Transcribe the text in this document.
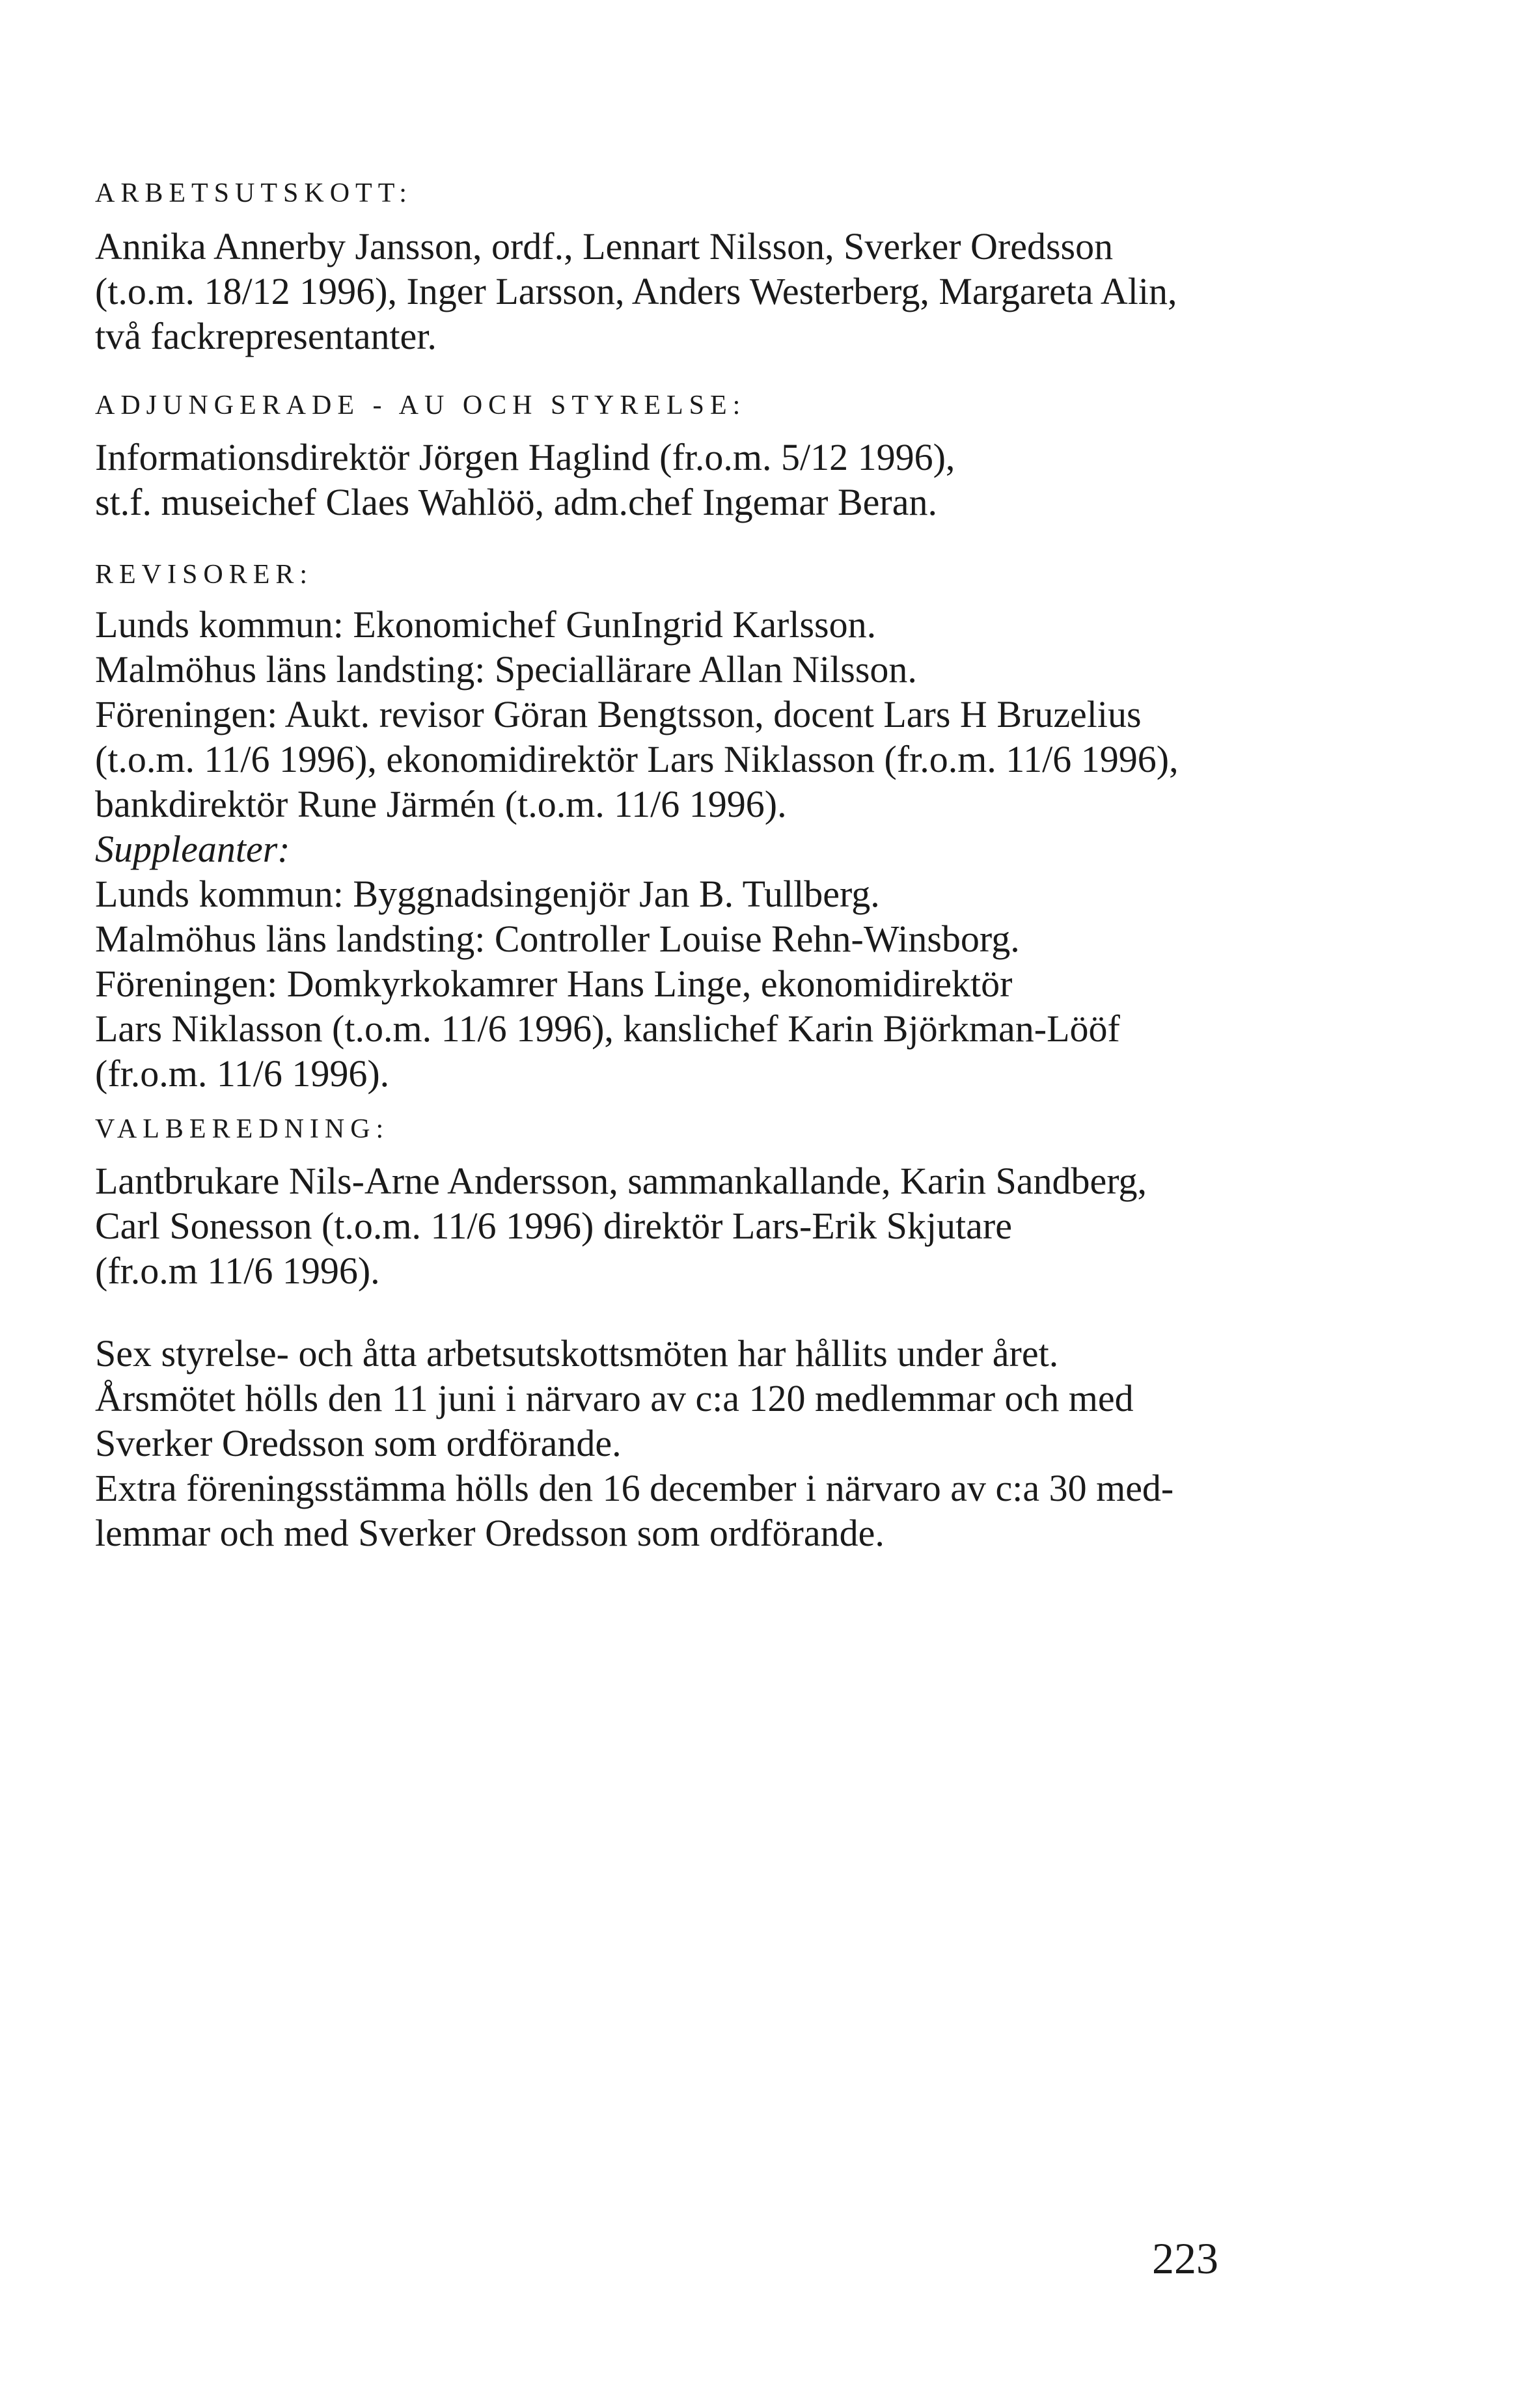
ARBETSUTSKOTT:

Annika Annerby Jansson, ordf., Lennart Nilsson, Sverker Oredsson

(t.o.m. 18/12 1996), Inger Larsson, Anders Westerberg, Margareta Alin,

två fackrepresentanter.

ADJUNGERADE - AU OCH STYRELSE:

Informationsdirektör Jörgen Haglind (fr.o.m. 5/12 1996),

st.f. museichef Claes Wahlöö, adm.chef Ingemar Beran.

REVISORER:

Lunds kommun: Ekonomichef GunIngrid Karlsson.

Malmöhus läns landsting: Speciallärare Allan Nilsson.

Föreningen: Aukt. revisor Göran Bengtsson, docent Lars H Bruzelius

(t.o.m. 11/6 1996), ekonomidirektör Lars Niklasson (fr.o.m. 11/6 1996),

bankdirektör Rune Järmén (t.o.m. 11/6 1996).

Suppleanter:

Lunds kommun: Byggnadsingenjör Jan B. Tullberg.

Malmöhus läns landsting: Controller Louise Rehn-Winsborg.

Föreningen: Domkyrkokamrer Hans Linge, ekonomidirektör

Lars Niklasson (t.o.m. 11/6 1996), kanslichef Karin Björkman-Lööf

(fr.o.m. 11/6 1996).

VALBEREDNING:

Lantbrukare Nils-Arne Andersson, sammankallande, Karin Sandberg,

Carl Sonesson (t.o.m. 11/6 1996) direktör Lars-Erik Skjutare

(fr.o.m 11/6 1996).

Sex styrelse- och åtta arbetsutskottsmöten har hållits under året.

Årsmötet hölls den 11 juni i närvaro av c:a 120 medlemmar och med

Sverker Oredsson som ordförande.

Extra föreningsstämma hölls den 16 december i närvaro av c:a 30 med-

lemmar och med Sverker Oredsson som ordförande.

223
